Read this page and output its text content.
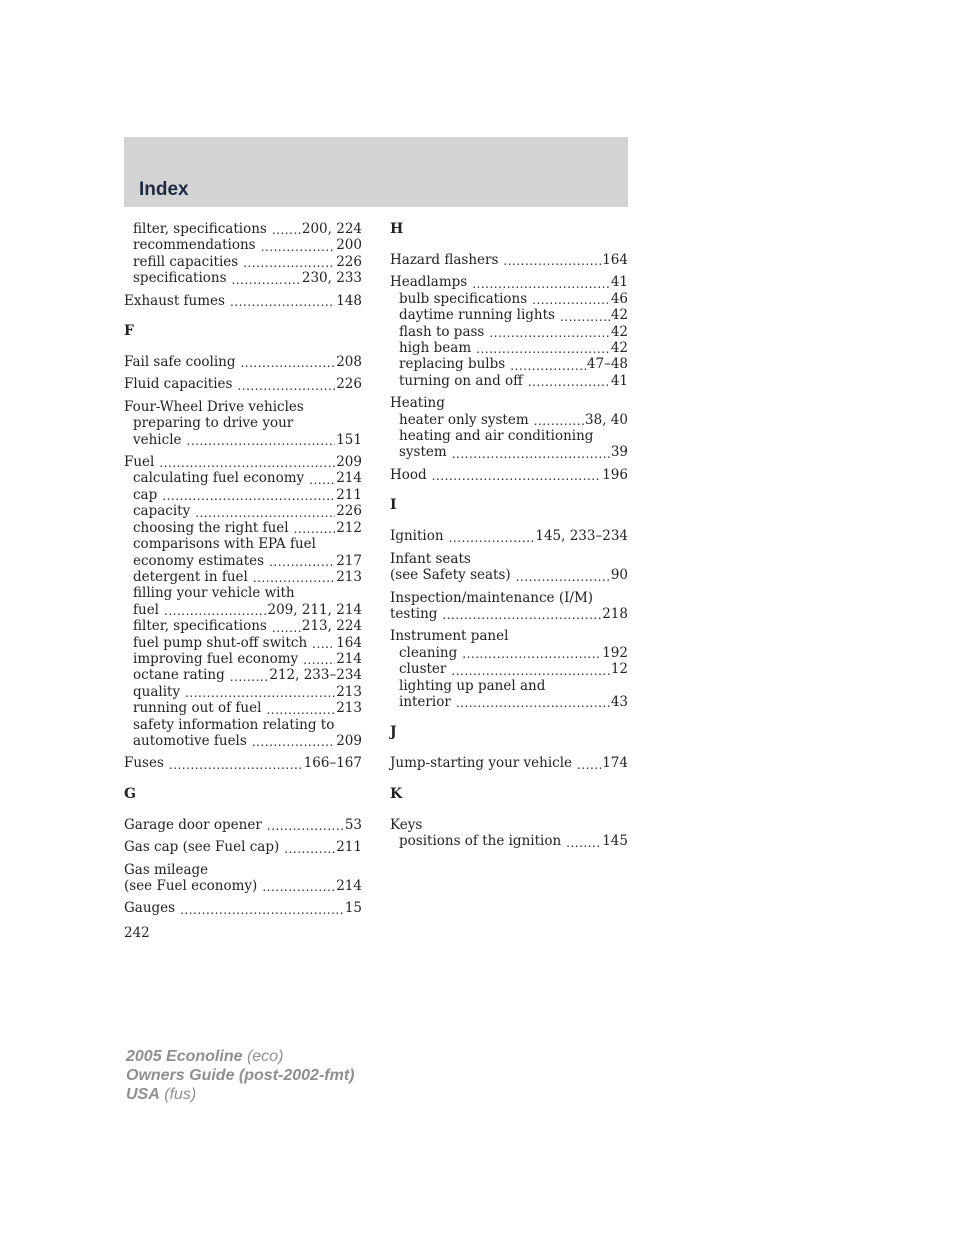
Index
filter, specifications .....	200, 224
recommendations .....	200
refill capacities .....	226
specifications .....	230, 233
Exhaust fumes .....	148
F
Fail safe cooling .....	208
Fluid capacities .....	226
Four-Wheel Drive vehicles
preparing to drive your
vehicle .....	151
Fuel .....	209
calculating fuel economy ..... 214
cap .....	211
capacity .....	226
choosing the right fuel .....	212
comparisons with EPA fuel
economy estimates .....	217
detergent in fuel .....	213
filling your vehicle with
fuel .....	209, 211, 214
filter, specifications .....	213, 224
fuel pump shut-off switch ..... 164
improving fuel economy .....	214
octane rating .....	212, 233–234
quality .....	213
running out of fuel .....	213
safety information relating to
automotive fuels .....	209
Fuses .....	166–167
G
Garage door opener .....	53
Gas cap (see Fuel cap) .....	211
Gas mileage
(see Fuel economy) .....	214
Gauges .....	15
H
Hazard flashers .....	164
Headlamps .....	41
bulb specifications .....	46
daytime running lights .....	42
flash to pass .....	42
high beam .....	42
replacing bulbs .....	47–48
turning on and off .....	41
Heating
heater only system .....	38, 40
heating and air conditioning
system .....	39
Hood .....	196
I
Ignition .....	145, 233–234
Infant seats
(see Safety seats) .....	90
Inspection/maintenance (I/M)
testing .....	218
Instrument panel
cleaning .....	192
cluster .....	12
lighting up panel and
interior .....	43
J
Jump-starting your vehicle ..... 174
K
Keys
positions of the ignition .....	145
242
2005 Econoline (eco)
Owners Guide (post-2002-fmt)
USA (fus)
